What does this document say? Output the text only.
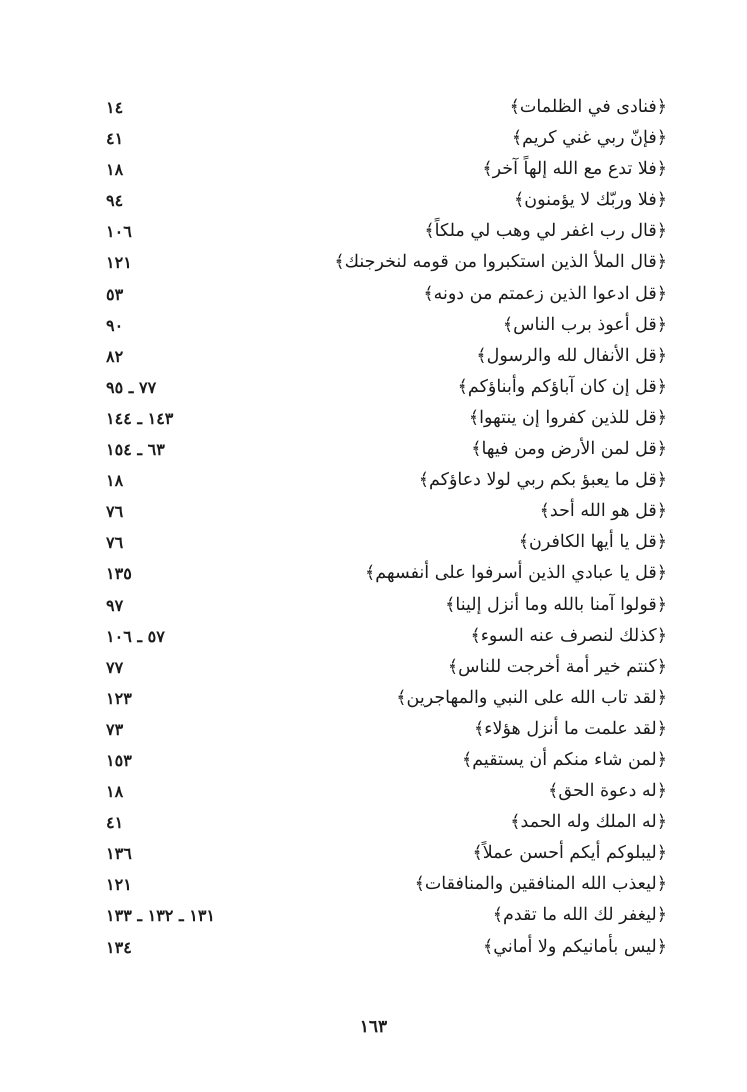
﴿فنادى في الظلمات﴾
١٤
﴿فإنّ ربي غني كريم﴾
٤١
﴿فلا تدع مع الله إلهاً آخر﴾
١٨
﴿فلا وربّك لا يؤمنون﴾
٩٤
﴿قال رب اغفر لي وهب لي ملكاً﴾
١٠٦
﴿قال الملأ الذين استكبروا من قومه لنخرجنك﴾
١٢١
﴿قل ادعوا الذين زعمتم من دونه﴾
٥٣
﴿قل أعوذ برب الناس﴾
٩٠
﴿قل الأنفال لله والرسول﴾
٨٢
﴿قل إن كان آباؤكم وأبناؤكم﴾
٧٧ ـ ٩٥
﴿قل للذين كفروا إن ينتهوا﴾
١٤٣ ـ ١٤٤
﴿قل لمن الأرض ومن فيها﴾
٦٣ ـ ١٥٤
﴿قل ما يعبؤ بكم ربي لولا دعاؤكم﴾
١٨
﴿قل هو الله أحد﴾
٧٦
﴿قل يا أيها الكافرن﴾
٧٦
﴿قل يا عبادي الذين أسرفوا على أنفسهم﴾
١٣٥
﴿قولوا آمنا بالله وما أنزل إلينا﴾
٩٧
﴿كذلك لنصرف عنه السوء﴾
٥٧ ـ ١٠٦
﴿كنتم خير أمة أخرجت للناس﴾
٧٧
﴿لقد تاب الله على النبي والمهاجرين﴾
١٢٣
﴿لقد علمت ما أنزل هؤلاء﴾
٧٣
﴿لمن شاء منكم أن يستقيم﴾
١٥٣
﴿له دعوة الحق﴾
١٨
﴿له الملك وله الحمد﴾
٤١
﴿ليبلوكم أيكم أحسن عملاً﴾
١٣٦
﴿ليعذب الله المنافقين والمنافقات﴾
١٢١
﴿ليغفر لك الله ما تقدم﴾
١٣١ ـ ١٣٢ ـ ١٣٣
﴿ليس بأمانيكم ولا أماني﴾
١٣٤
١٦٣
